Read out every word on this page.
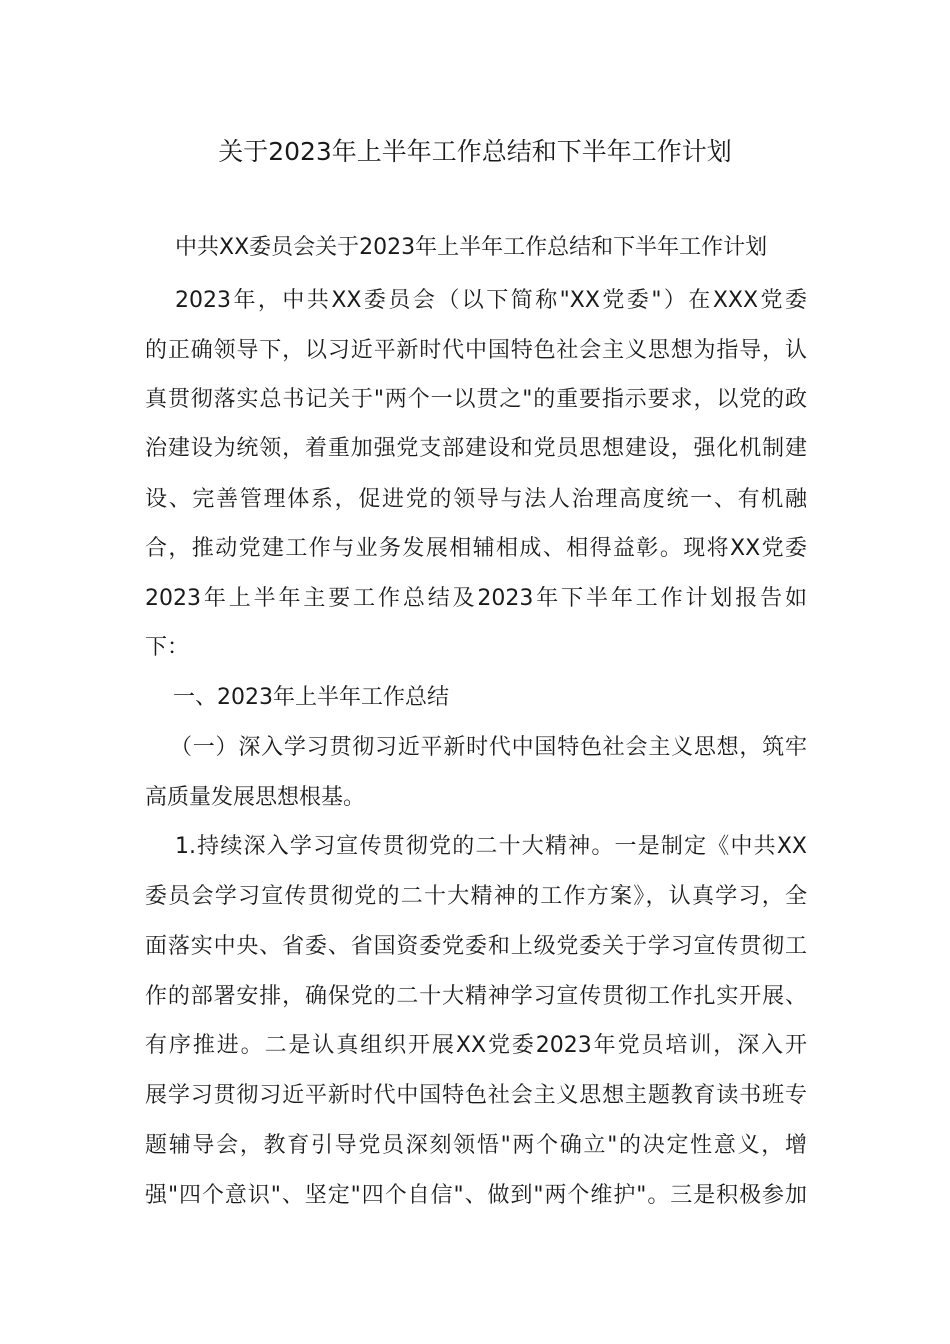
关于2023年上半年工作总结和下半年工作计划
中共XX委员会关于2023年上半年工作总结和下半年工作计划
2023年，中共XX委员会（以下简称"XX党委"）在XXX党委
的正确领导下，以习近平新时代中国特色社会主义思想为指导，认
真贯彻落实总书记关于"两个一以贯之"的重要指示要求，以党的政
治建设为统领，着重加强党支部建设和党员思想建设，强化机制建
设、完善管理体系，促进党的领导与法人治理高度统一、有机融
合，推动党建工作与业务发展相辅相成、相得益彰。现将XX党委
2023年上半年主要工作总结及2023年下半年工作计划报告如
下：
一、2023年上半年工作总结
（一）深入学习贯彻习近平新时代中国特色社会主义思想，筑牢
高质量发展思想根基。
1.持续深入学习宣传贯彻党的二十大精神。一是制定《中共XX
委员会学习宣传贯彻党的二十大精神的工作方案》，认真学习，全
面落实中央、省委、省国资委党委和上级党委关于学习宣传贯彻工
作的部署安排，确保党的二十大精神学习宣传贯彻工作扎实开展、
有序推进。二是认真组织开展XX党委2023年党员培训，深入开
展学习贯彻习近平新时代中国特色社会主义思想主题教育读书班专
题辅导会，教育引导党员深刻领悟"两个确立"的决定性意义，增
强"四个意识"、坚定"四个自信"、做到"两个维护"。三是积极参加
